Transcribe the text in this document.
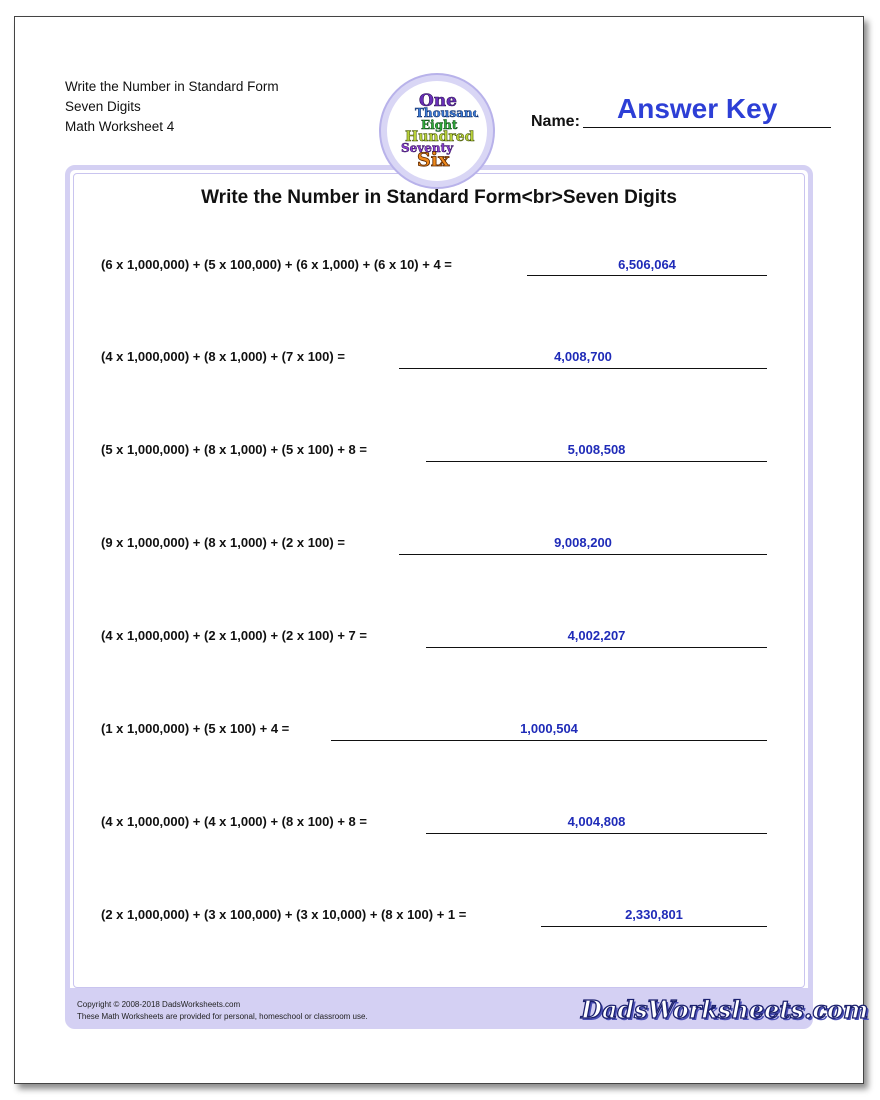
Write the Number in Standard Form
Seven Digits
Math Worksheet 4
One
Thousand
Eight
Hundred
Seventy
Six
Name: Answer Key
Write the Number in Standard Form<br>Seven Digits
(6 x 1,000,000) + (5 x 100,000) + (6 x 1,000) + (6 x 10) + 4 =	6,506,064
(4 x 1,000,000) + (8 x 1,000) + (7 x 100) =	4,008,700
(5 x 1,000,000) + (8 x 1,000) + (5 x 100) + 8 =	5,008,508
(9 x 1,000,000) + (8 x 1,000) + (2 x 100) =	9,008,200
(4 x 1,000,000) + (2 x 1,000) + (2 x 100) + 7 =	4,002,207
(1 x 1,000,000) + (5 x 100) + 4 =	1,000,504
(4 x 1,000,000) + (4 x 1,000) + (8 x 100) + 8 =	4,004,808
(2 x 1,000,000) + (3 x 100,000) + (3 x 10,000) + (8 x 100) + 1 =	2,330,801
Copyright © 2008-2018 DadsWorksheets.com
These Math Worksheets are provided for personal, homeschool or classroom use.	DadsWorksheets.com
